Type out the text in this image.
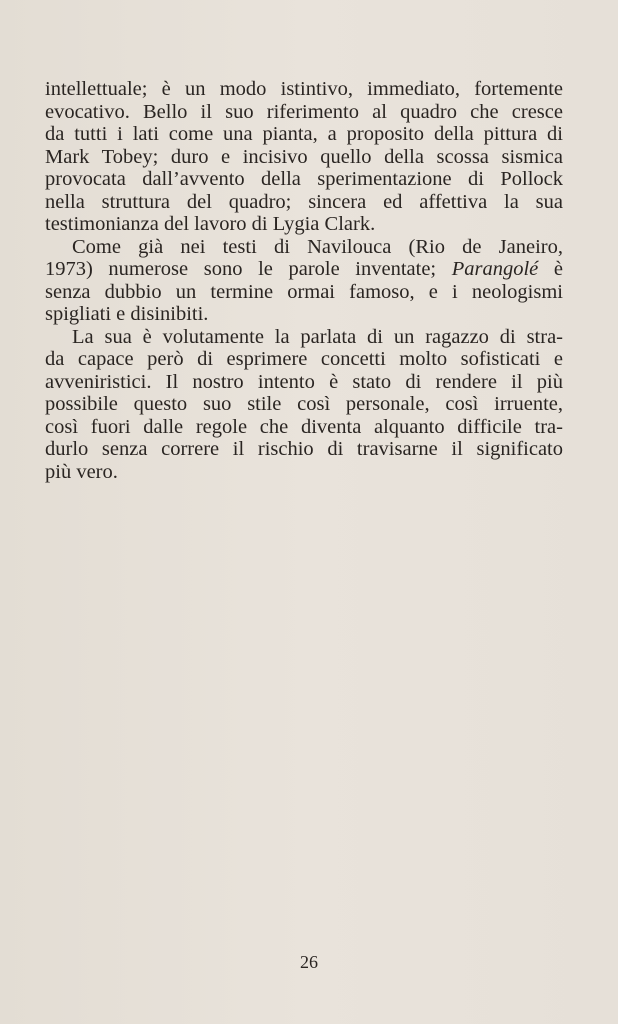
intellettuale; è un modo istintivo, immediato, fortemente
evocativo. Bello il suo riferimento al quadro che cresce
da tutti i lati come una pianta, a proposito della pittura di
Mark Tobey; duro e incisivo quello della scossa sismica
provocata dall’avvento della sperimentazione di Pollock
nella struttura del quadro; sincera ed affettiva la sua
testimonianza del lavoro di Lygia Clark.
Come già nei testi di Navilouca (Rio de Janeiro,
1973) numerose sono le parole inventate; Parangolé è
senza dubbio un termine ormai famoso, e i neologismi
spigliati e disinibiti.
La sua è volutamente la parlata di un ragazzo di stra-
da capace però di esprimere concetti molto sofisticati e
avveniristici. Il nostro intento è stato di rendere il più
possibile questo suo stile così personale, così irruente,
così fuori dalle regole che diventa alquanto difficile tra-
durlo senza correre il rischio di travisarne il significato
più vero.
26
